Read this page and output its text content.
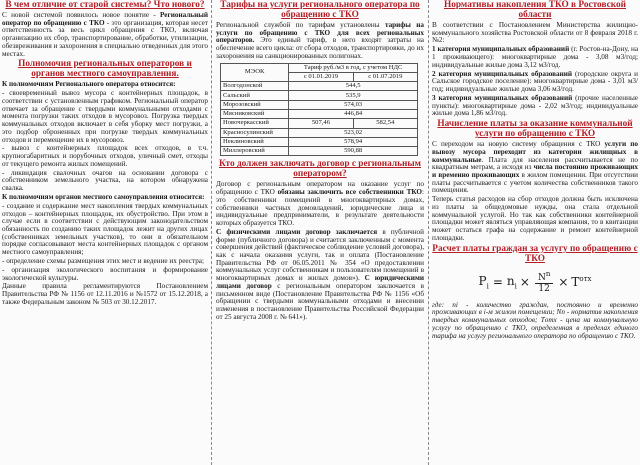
В чем отличие от старой системы? Что нового?
С новой системой появилось новое понятие - Региональный оператор по обращению с ТКО - это организация, которая несет ответственность за весь цикл обращения с ТКО, включая организацию их сбор, транспортирование, обработки, утилизации, обезвреживания и захоронения в специально отведенных для этого местах.
Полномочия региональных операторов и органов местного самоуправления.
К полномочиям Регионального оператора относится:
- своевременный вывоз мусора с контейнерных площадок, в соответствии с установленным графиком. Региональный оператор отвечает за обращение с твердыми коммунальными отходами с момента погрузки таких отходов в мусоровоз. Погрузка твердых коммунальных отходов включает в себя уборку мест погрузки, а это подбор оброненных при погрузке твердых коммунальных отходов и перемещение их в мусоровоз.
- вывоз с контейнерных площадок всех отходов, в т.ч. крупногабаритных и порубочных отходов, уличный смет, отходы от текущего ремонта жилых помещений.
- ликвидация свалочных очагов на основании договора с собственником земельного участка, на котором обнаружена свалка.
К полномочиям органов местного самоуправления относится:
- создание и содержание мест накопления твердых коммунальных отходов – контейнерных площадок, их обустройство. При этом в случае если в соответствии с действующим законодательством обязанность по созданию таких площадок лежит на других лицах (собственниках земельных участков), то они в обязательном порядке согласовывают места контейнерных площадок с органом местного самоуправления;
- определение схемы размещения этих мест и ведение их реестра;
- организация экологического воспитания и формирование экологической культуры.
Данные правила регламентируются Постановлением Правительства РФ № 1156 от 12.11.2016 и №1572 от 15.12.2018, а также Федеральным законом № 503 от 30.12.2017.
Тарифы на услуги регионального оператора по обращению с ТКО
Региональной службой по тарифам установлены тарифы на услуги по обращению с ТКО для всех региональных операторов. Это единый тариф, в него входят затраты на обеспечение всего цикла: от сбора отходов, транспортировки, до их захоронения на санкционированных полигонах.
МЭОК	Тариф руб./м3 в год, с учетом НДС	
	с 01.01.2019	с 01.07.2019
Волгодонской	544,5	
Сальский	535,9	
Морозовский	574,03	
Мясниковский	446,84	
Новочеркасский	507,46	582,54
Красносулинский	523,02	
Неклиновский	578,94	
Миллеровский	590,88	
Кто должен заключать договор с региональным оператором?
Договор с региональным оператором на оказание услуг по обращению с ТКО обязаны заключить все собственники ТКО: это собственники помещений в многоквартирных домах, собственники частных домовладений, юридические лица и индивидуальные предприниматели, в результате деятельности которых образуется ТКО.
С физическими лицами договор заключается в публичной форме (публичного договора) и считается заключенным с момента совершения действий (фактическое соблюдение условий договора), как с начала оказания услуги, так и оплата (Постановление Правительства РФ от 06.05.2011 № 354 «О предоставлении коммунальных услуг собственникам и пользователям помещений в многоквартирных домах и жилых домов»). С юридическими лицами договор с региональным оператором заключается в письменном виде (Постановление Правительства РФ № 1156 «Об обращении с твердыми коммунальными отходами и внесении изменения в постановление Правительства Российской Федерации от 25 августа 2008 г. № 641»).
Нормативы накопления ТКО в Ростовской области
В соответствии с Постановлением Министерства жилищно-коммунального хозяйства Ростовской области от 8 февраля 2018 г. №2:
1 категория муниципальных образований (г. Ростов-на-Дону, на 1 проживающего): многоквартирные дома - 3,08 м3/год; индивидуальные жилые дома 3,12 м3/год.
2 категория муниципальных образований (городские округа и Сальское городское поселение): многоквартирные дома - 3,01 м3/год; индивидуальные жилые дома 3,06 м3/год.
3 категория муниципальных образований (прочие населенные пункты): многоквартирные дома - 2,02 м3/год; индивидуальные жилые дома 1,86 м3/год.
Начисление платы за оказание коммунальной услуги по обращению с ТКО
С переходом на новую систему обращения с ТКО услуги по вывозу мусора переходит из категории жилищных в коммунальные. Плата для населения рассчитывается не по квадратным метрам, а исходя из числа постоянно проживающих и временно проживающих в жилом помещении. При отсутствии платы рассчитывается с учетом количества собственников такого помещения.
Теперь статья расходов на сбор отходов должна быть исключена из платы за общедомовые нужды, она стала отдельной коммунальной услугой. Но так как собственники контейнерной площадки может являться управляющая компания, то в квитанции может остаться графа на содержание и ремонт контейнерной площадки.
Расчет платы граждан за услугу по обращению с ТКО
$P_i = n_i \times \frac{N^n}{12} \times T^{отх}$
где: ni - количество граждан, постоянно и временно проживающих в i-м жилом помещении; Nn - норматив накопления твердых коммунальных отходов; Tотх - цена на коммунальную услугу по обращению с ТКО, определенная в пределах единого тарифа на услугу регионального оператора по обращению с ТКО.
